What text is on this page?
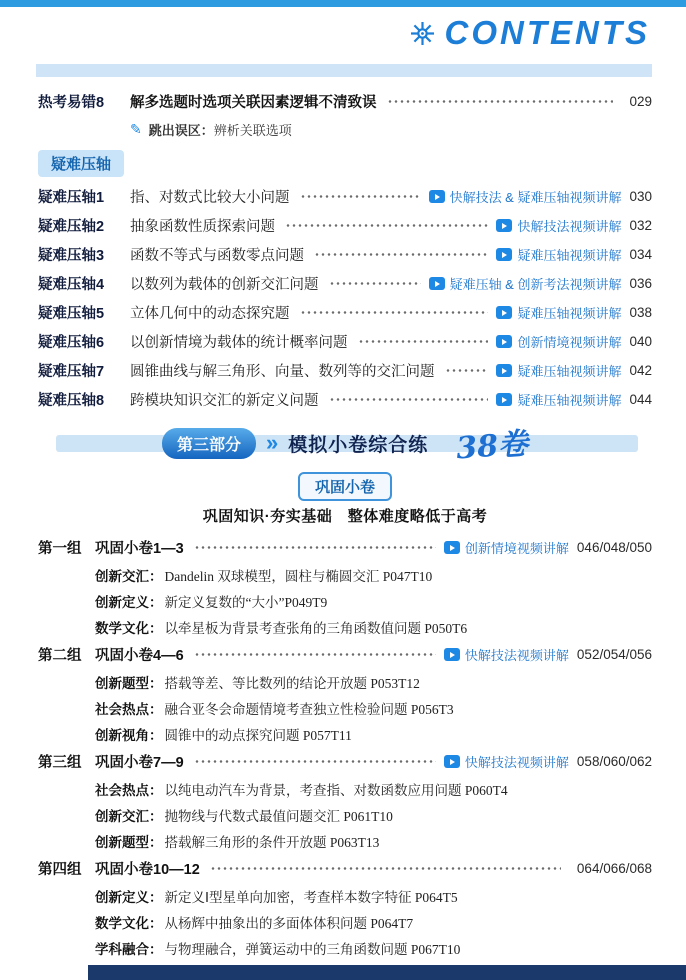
CONTENTS
热考易错8	解多选题时选项关联因素逻辑不清致误	029
✎ 跳出误区： 辨析关联选项
疑难压轴
疑难压轴1	指、对数式比较大小问题	快解技法 & 疑难压轴视频讲解 030
疑难压轴2	抽象函数性质探索问题	快解技法视频讲解 032
疑难压轴3	函数不等式与函数零点问题	疑难压轴视频讲解 034
疑难压轴4	以数列为载体的创新交汇问题	疑难压轴 & 创新考法视频讲解 036
疑难压轴5	立体几何中的动态探究题	疑难压轴视频讲解 038
疑难压轴6	以创新情境为载体的统计概率问题	创新情境视频讲解 040
疑难压轴7	圆锥曲线与解三角形、向量、数列等的交汇问题	疑难压轴视频讲解 042
疑难压轴8	跨模块知识交汇的新定义问题	疑难压轴视频讲解 044
第三部分	» 模拟小卷综合练 38卷
巩固小卷
巩固知识·夯实基础　整体难度略低于高考
第一组 巩固小卷1—3	创新情境视频讲解 046/048/050
创新交汇： Dandelin 双球模型，圆柱与椭圆交汇 P047T10
创新定义： 新定义复数的“大小”P049T9
数学文化： 以牵星板为背景考查张角的三角函数值问题 P050T6
第二组 巩固小卷4—6	快解技法视频讲解 052/054/056
创新题型： 搭载等差、等比数列的结论开放题 P053T12
社会热点： 融合亚冬会命题情境考查独立性检验问题 P056T3
创新视角： 圆锥中的动点探究问题 P057T11
第三组 巩固小卷7—9	快解技法视频讲解 058/060/062
社会热点： 以纯电动汽车为背景，考查指、对数函数应用问题 P060T4
创新交汇： 抛物线与代数式最值问题交汇 P061T10
创新题型： 搭载解三角形的条件开放题 P063T13
第四组 巩固小卷10—12	064/066/068
创新定义： 新定义Ⅰ型星单向加密，考查样本数字特征 P064T5
数学文化： 从杨辉中抽象出的多面体体积问题 P064T7
学科融合： 与物理融合，弹簧运动中的三角函数问题 P067T10
